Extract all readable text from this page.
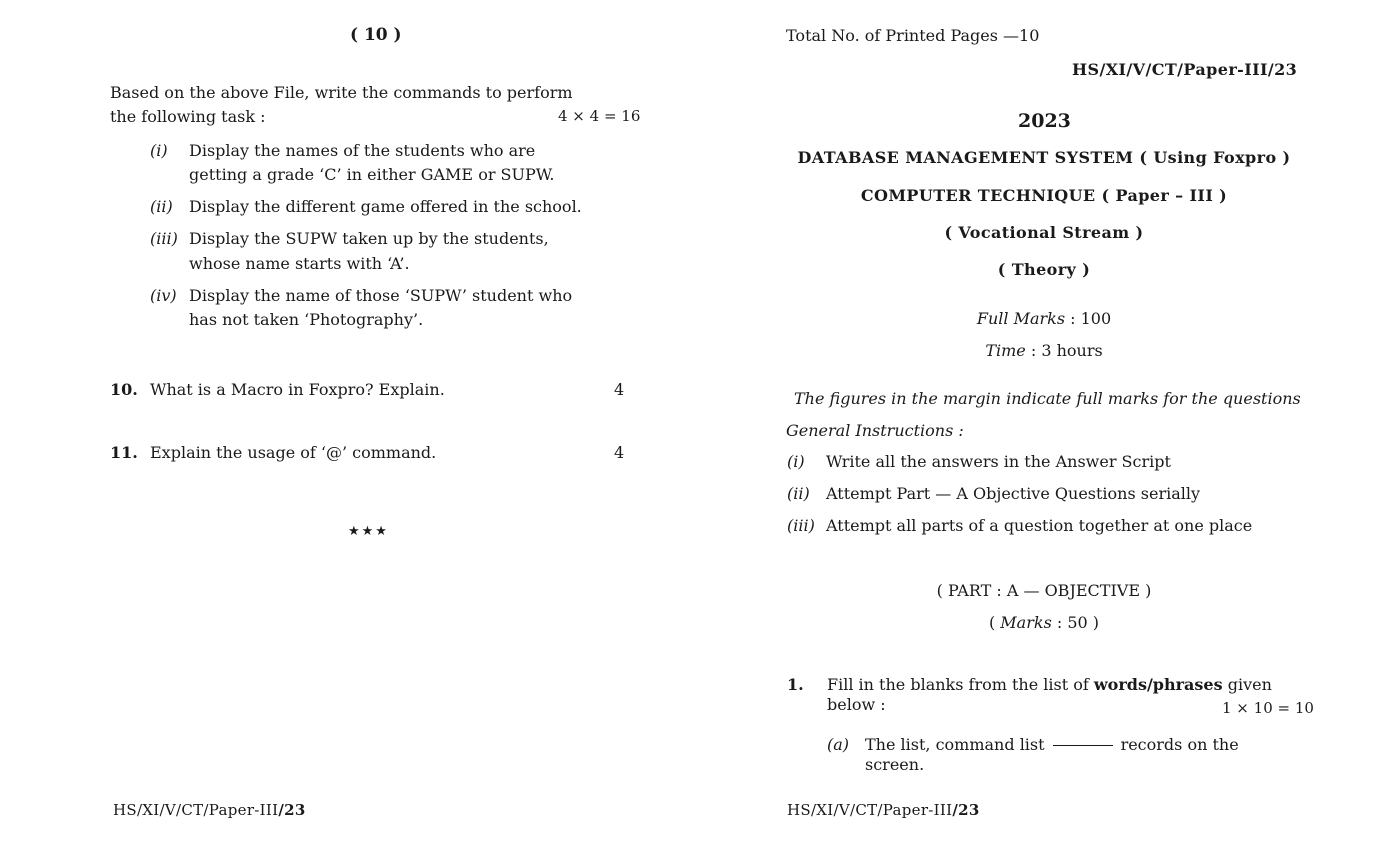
( 10 )
Based on the above File, write the commands to perform
the following task :	4 × 4 = 16
(i) Display the names of the students who are
getting a grade ‘C’ in either GAME or SUPW.
(ii) Display the different game offered in the school.
(iii) Display the SUPW taken up by the students,
whose name starts with ‘A’.
(iv) Display the name of those ‘SUPW’ student who
has not taken ‘Photography’.
10. What is a Macro in Foxpro? Explain.	4
11. Explain the usage of ‘@’ command.	4
★★★
HS/XI/V/CT/Paper-III/23
Total No. of Printed Pages —10
HS/XI/V/CT/Paper-III/23
2023
DATABASE MANAGEMENT SYSTEM ( Using Foxpro )
COMPUTER TECHNIQUE ( Paper – III )
( Vocational Stream )
( Theory )
Full Marks : 100
Time : 3 hours
The figures in the margin indicate full marks for the questions
General Instructions :
(i) Write all the answers in the Answer Script
(ii) Attempt Part — A Objective Questions serially
(iii) Attempt all parts of a question together at one place
( PART : A — OBJECTIVE )
( Marks : 50 )
1. Fill in the blanks from the list of words/phrases given
below :	1 × 10 = 10
(a) The list, command list	records on the
screen.
HS/XI/V/CT/Paper-III/23
